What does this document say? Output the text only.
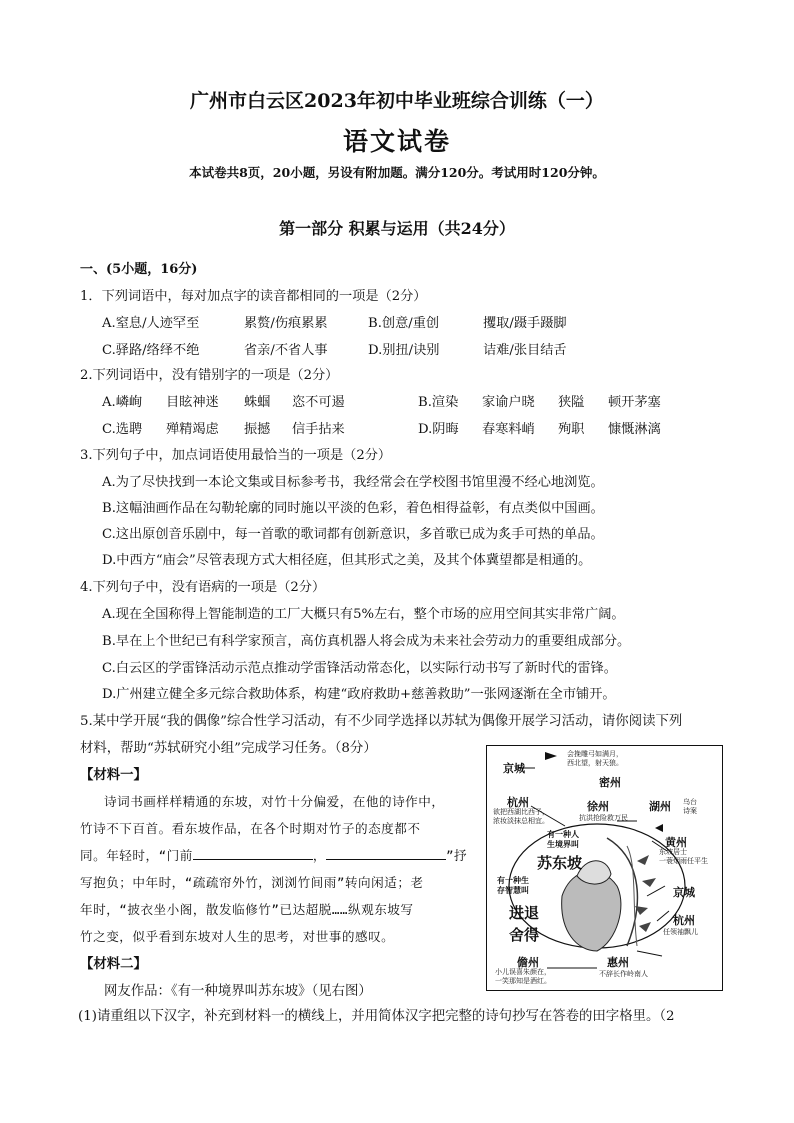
广州市白云区2023年初中毕业班综合训练（一）
语文试卷
本试卷共8页，20小题，另设有附加题。满分120分。考试用时120分钟。
第一部分 积累与运用（共24分）
一、(5小题，16分)
1．下列词语中，每对加点字的读音都相同的一项是（2分）
A.窒息/人迹罕至	累赘/伤痕累累	B.创意/重创	攫取/蹑手蹑脚
C.驿路/络绎不绝	省亲/不省人事	D.别扭/诀别	诘难/张目结舌
2.下列词语中，没有错别字的一项是（2分）
A.嶙峋 目眩神迷 蛛蝈 恣不可遏	B.渲染 家谕户晓 狭隘 顿开茅塞
C.选聘 殚精竭虑 振撼 信手拈来	D.阴晦 春寒料峭 殉职 慷慨淋漓
3.下列句子中，加点词语使用最恰当的一项是（2分）
A.为了尽快找到一本论文集或目标参考书，我经常会在学校图书馆里漫不经心地浏览。
B.这幅油画作品在勾勒轮廓的同时施以平淡的色彩，着色相得益彰，有点类似中国画。
C.这出原创音乐剧中，每一首歌的歌词都有创新意识，多首歌已成为炙手可热的单品。
D.中西方“庙会”尽管表现方式大相径庭，但其形式之美，及其个体冀望都是相通的。
4.下列句子中，没有语病的一项是（2分）
A.现在全国称得上智能制造的工厂大概只有5%左右，整个市场的应用空间其实非常广阔。
B.早在上个世纪已有科学家预言，高仿真机器人将会成为未来社会劳动力的重要组成部分。
C.白云区的学雷锋活动示范点推动学雷锋活动常态化，以实际行动书写了新时代的雷锋。
D.广州建立健全多元综合救助体系，构建“政府救助+慈善救助”一张网逐渐在全市铺开。
5.某中学开展“我的偶像”综合性学习活动，有不少同学选择以苏轼为偶像开展学习活动，请你阅读下列
材料，帮助“苏轼研究小组”完成学习任务。（8分）
【材料一】
诗词书画样样精通的东坡，对竹十分偏爱，在他的诗作中，
竹诗不下百首。看东坡作品，在各个时期对竹子的态度都不
同。年轻时，“门前	，	”抒
写抱负；中年时，“疏疏帘外竹，浏浏竹间雨”转向闲适；老
年时，“披衣坐小阁，散发临修竹”已达超脱……纵观东坡写
竹之变，似乎看到东坡对人生的思考，对世事的感叹。
【材料二】
网友作品：《有一种境界叫苏东坡》（见右图）
(1)请重组以下汉字，补充到材料一的横线上，并用简体汉字把完整的诗句抄写在答卷的田字格里。（2
京城
会挽雕弓如满月，
西北望，射天狼。
密州
杭州
欲把西湖比西子，
浓妆淡抹总相宜。
徐州
抗洪抢险救万民
湖州 乌台
诗案
黄州
东坡居士
一蓑烟雨任平生
有一种人
生境界叫
苏东坡
有一种生
存智慧叫
进退
舍得
京城
杭州
任领袖飘儿
儋州
小儿误喜朱颜在，
一笑那知是酒红。
惠州
不辞长作岭南人
